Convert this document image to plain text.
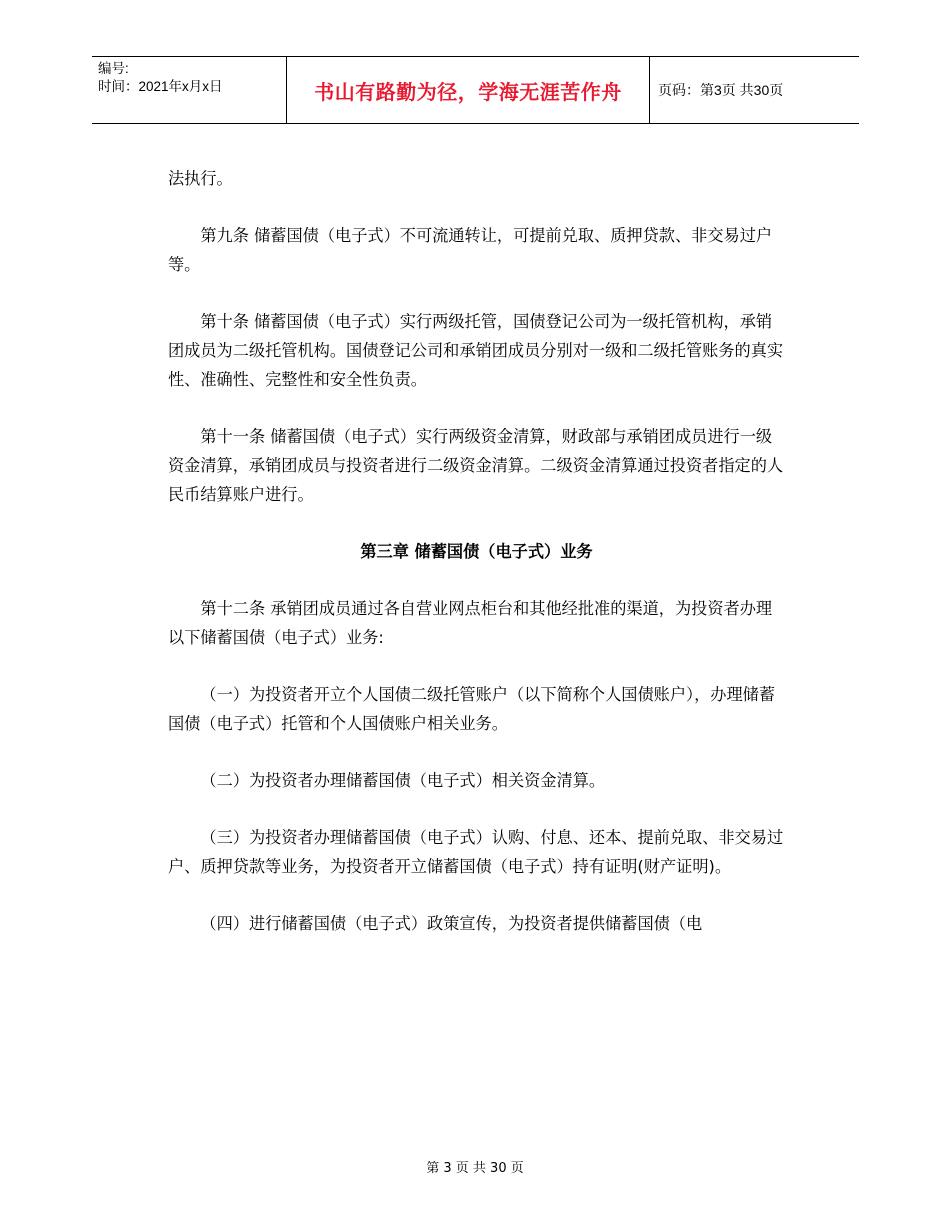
编号:
时间：2021年x月x日	书山有路勤为径，学海无涯苦作舟	页码：第3页 共30页

法执行。

第九条 储蓄国债（电子式）不可流通转让，可提前兑取、质押贷款、非交易过户等。

第十条 储蓄国债（电子式）实行两级托管，国债登记公司为一级托管机构，承销团成员为二级托管机构。国债登记公司和承销团成员分别对一级和二级托管账务的真实性、准确性、完整性和安全性负责。

第十一条 储蓄国债（电子式）实行两级资金清算，财政部与承销团成员进行一级资金清算，承销团成员与投资者进行二级资金清算。二级资金清算通过投资者指定的人民币结算账户进行。

第三章 储蓄国债（电子式）业务

第十二条 承销团成员通过各自营业网点柜台和其他经批准的渠道，为投资者办理以下储蓄国债（电子式）业务:

（一）为投资者开立个人国债二级托管账户（以下简称个人国债账户），办理储蓄国债（电子式）托管和个人国债账户相关业务。

（二）为投资者办理储蓄国债（电子式）相关资金清算。

（三）为投资者办理储蓄国债（电子式）认购、付息、还本、提前兑取、非交易过户、质押贷款等业务，为投资者开立储蓄国债（电子式）持有证明(财产证明)。

（四）进行储蓄国债（电子式）政策宣传，为投资者提供储蓄国债（电

第 3 页 共 30 页
